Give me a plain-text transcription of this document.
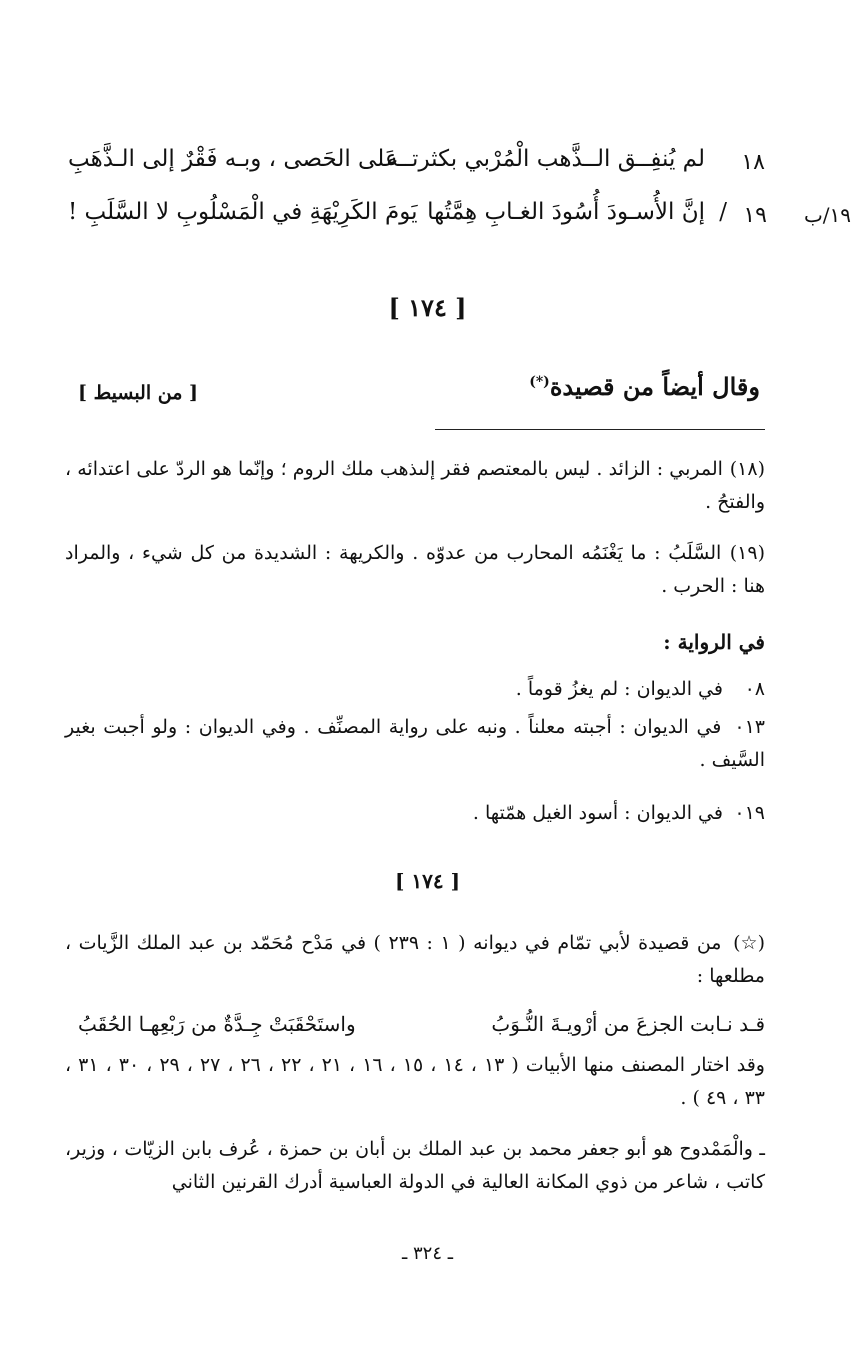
١٨
لم يُنفِــق الــذَّهب الْمُرْبي بكثرتــه
عَلى الحَصى ، وبـه فَقْرٌ إلى الـذَّهَبِ
١٩/ب
١٩
/
إنَّ الأُسـودَ أُسُودَ الغـابِ هِمَّتُها
يَومَ الكَرِيْهَةِ في الْمَسْلُوبِ لا السَّلَبِ !
[ ١٧٤ ]
وقال أيضاً من قصيدة(*)
[ من البسيط ]
(١٨) المربي : الزائد . ليس بالمعتصم فقر إلىذهب ملك الروم ؛ وإنّما هو الردّ على اعتدائه ، والفتحُ .
(١٩) السَّلَبُ : ما يَغْنَمُه المحارب من عدوّه . والكريهة : الشديدة من كل شيء ، والمراد هنا : الحرب .
في الرواية :
٠٨ في الديوان : لم يغزُ قوماً .
٠١٣ في الديوان : أجبته معلناً . ونبه على رواية المصنِّف . وفي الديوان : ولو أجبت بغير السَّيف .
٠١٩ في الديوان : أسود الغيل همّتها .
[ ١٧٤ ]
(☆) من قصيدة لأبي تمّام في ديوانه ( ١ : ٢٣٩ ) في مَدْح مُحَمّد بن عبد الملك الزَّيات ، مطلعها :
قـد نـابت الجزعَ من أرْويـةَ النُّـوَبُ
واستَحْقَبَتْ جِـدَّةٌ من رَبْعِهـا الحُقَبُ
وقد اختار المصنف منها الأبيات ( ١٣ ، ١٤ ، ١٥ ، ١٦ ، ٢١ ، ٢٢ ، ٢٦ ، ٢٧ ، ٢٩ ، ٣٠ ، ٣١ ، ٣٣ ، ٤٩ ) .
ـ والْمَمْدوح هو أبو جعفر محمد بن عبد الملك بن أبان بن حمزة ، عُرف بابن الزيّات ، وزير، كاتب ، شاعر من ذوي المكانة العالية في الدولة العباسية أدرك القرنين الثاني
ـ ٣٢٤ ـ
